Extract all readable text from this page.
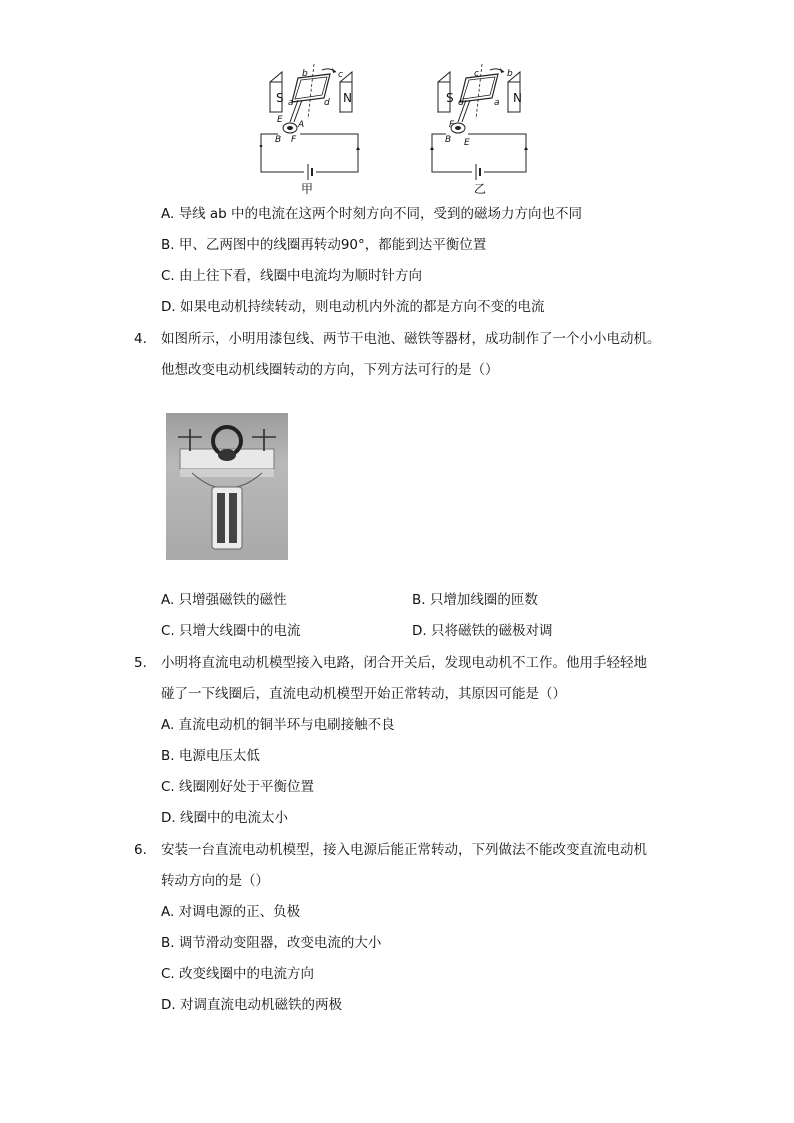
S	N
b	c
a	d
E A
B F
甲
S	N
c	b
d	a
F
B E
乙
A. 导线 ab 中的电流在这两个时刻方向不同，受到的磁场力方向也不同
B. 甲、乙两图中的线圈再转动90°，都能到达平衡位置
C. 由上往下看，线圈中电流均为顺时针方向
D. 如果电动机持续转动，则电动机内外流的都是方向不变的电流
4. 如图所示，小明用漆包线、两节干电池、磁铁等器材，成功制作了一个小小电动机。
他想改变电动机线圈转动的方向，下列方法可行的是（）
A. 只增强磁铁的磁性	B. 只增加线圈的匝数
C. 只增大线圈中的电流	D. 只将磁铁的磁极对调
5. 小明将直流电动机模型接入电路，闭合开关后，发现电动机不工作。他用手轻轻地
碰了一下线圈后，直流电动机模型开始正常转动，其原因可能是（）
A. 直流电动机的铜半环与电刷接触不良
B. 电源电压太低
C. 线圈刚好处于平衡位置
D. 线圈中的电流太小
6. 安装一台直流电动机模型，接入电源后能正常转动，下列做法不能改变直流电动机
转动方向的是（）
A. 对调电源的正、负极
B. 调节滑动变阻器，改变电流的大小
C. 改变线圈中的电流方向
D. 对调直流电动机磁铁的两极
